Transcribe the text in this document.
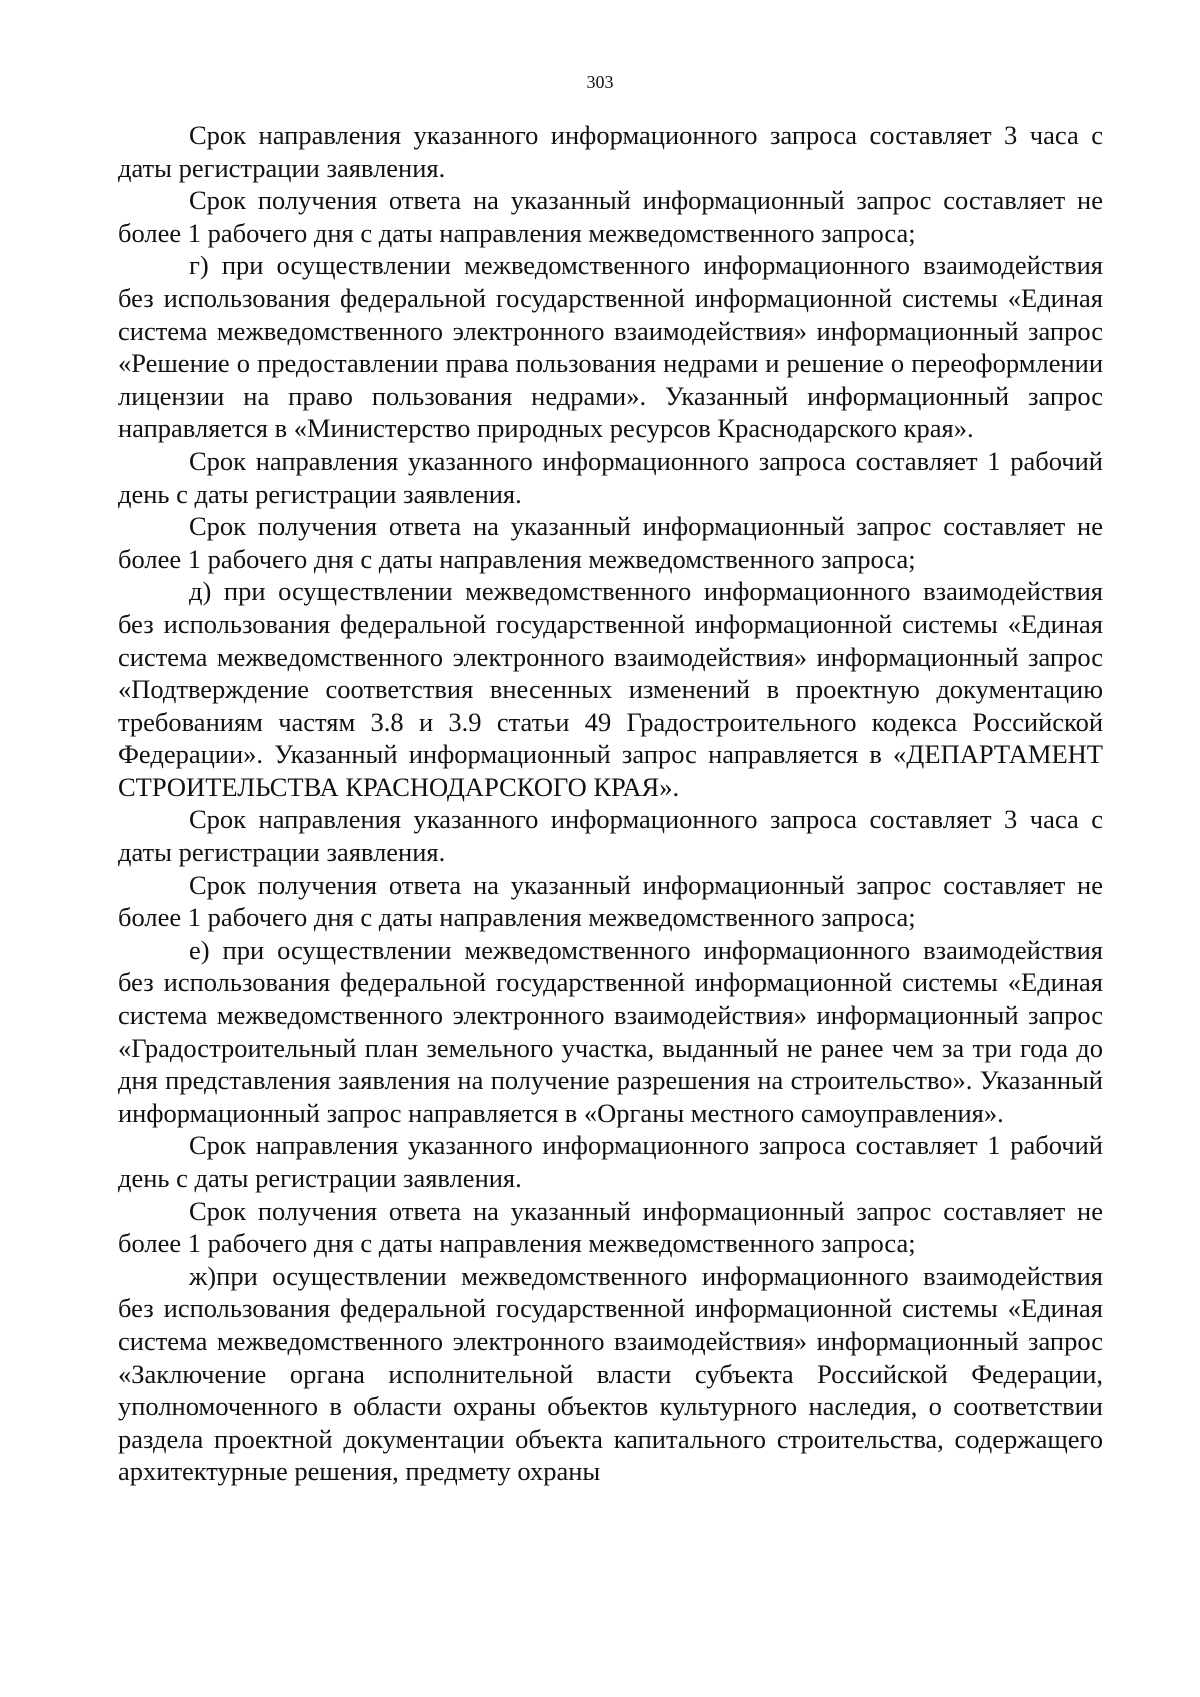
303

Срок направления указанного информационного запроса составляет 3 часа с даты регистрации заявления.

Срок получения ответа на указанный информационный запрос составляет не более 1 рабочего дня с даты направления межведомственного запроса;

г) при осуществлении межведомственного информационного взаимодействия без использования федеральной государственной информационной системы «Единая система межведомственного электронного взаимодействия» информационный запрос «Решение о предоставлении права пользования недрами и решение о переоформлении лицензии на право пользования недрами». Указанный информационный запрос направляется в «Министерство природных ресурсов Краснодарского края».

Срок направления указанного информационного запроса составляет 1 рабочий день с даты регистрации заявления.

Срок получения ответа на указанный информационный запрос составляет не более 1 рабочего дня с даты направления межведомственного запроса;

д) при осуществлении межведомственного информационного взаимодействия без использования федеральной государственной информационной системы «Единая система межведомственного электронного взаимодействия» информационный запрос «Подтверждение соответствия внесенных изменений в проектную документацию требованиям частям 3.8 и 3.9 статьи 49 Градостроительного кодекса Российской Федерации». Указанный информационный запрос направляется в «ДЕПАРТАМЕНТ СТРОИТЕЛЬСТВА КРАСНОДАРСКОГО КРАЯ».

Срок направления указанного информационного запроса составляет 3 часа с даты регистрации заявления.

Срок получения ответа на указанный информационный запрос составляет не более 1 рабочего дня с даты направления межведомственного запроса;

е) при осуществлении межведомственного информационного взаимодействия без использования федеральной государственной информационной системы «Единая система межведомственного электронного взаимодействия» информационный запрос «Градостроительный план земельного участка, выданный не ранее чем за три года до дня представления заявления на получение разрешения на строительство». Указанный информационный запрос направляется в «Органы местного самоуправления».

Срок направления указанного информационного запроса составляет 1 рабочий день с даты регистрации заявления.

Срок получения ответа на указанный информационный запрос составляет не более 1 рабочего дня с даты направления межведомственного запроса;

ж)при осуществлении межведомственного информационного взаимодействия без использования федеральной государственной информационной системы «Единая система межведомственного электронного взаимодействия» информационный запрос «Заключение органа исполнительной власти субъекта Российской Федерации, уполномоченного в области охраны объектов культурного наследия, о соответствии раздела проектной документации объекта капитального строительства, содержащего архитектурные решения, предмету охраны
